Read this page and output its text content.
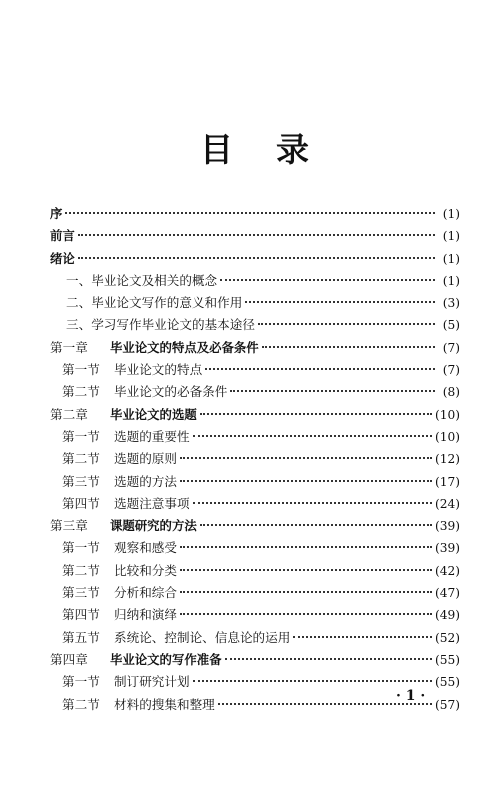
目 录
序	(1)
前言	(1)
绪论	(1)
一、毕业论文及相关的概念	(1)
二、毕业论文写作的意义和作用	(3)
三、学习写作毕业论文的基本途径	(5)
第一章	毕业论文的特点及必备条件	(7)
第一节	毕业论文的特点	(7)
第二节	毕业论文的必备条件	(8)
第二章	毕业论文的选题	(10)
第一节	选题的重要性	(10)
第二节	选题的原则	(12)
第三节	选题的方法	(17)
第四节	选题注意事项	(24)
第三章	课题研究的方法	(39)
第一节	观察和感受	(39)
第二节	比较和分类	(42)
第三节	分析和综合	(47)
第四节	归纳和演绎	(49)
第五节	系统论、控制论、信息论的运用	(52)
第四章	毕业论文的写作准备	(55)
第一节	制订研究计划	(55)
第二节	材料的搜集和整理	(57)
· 1 ·
